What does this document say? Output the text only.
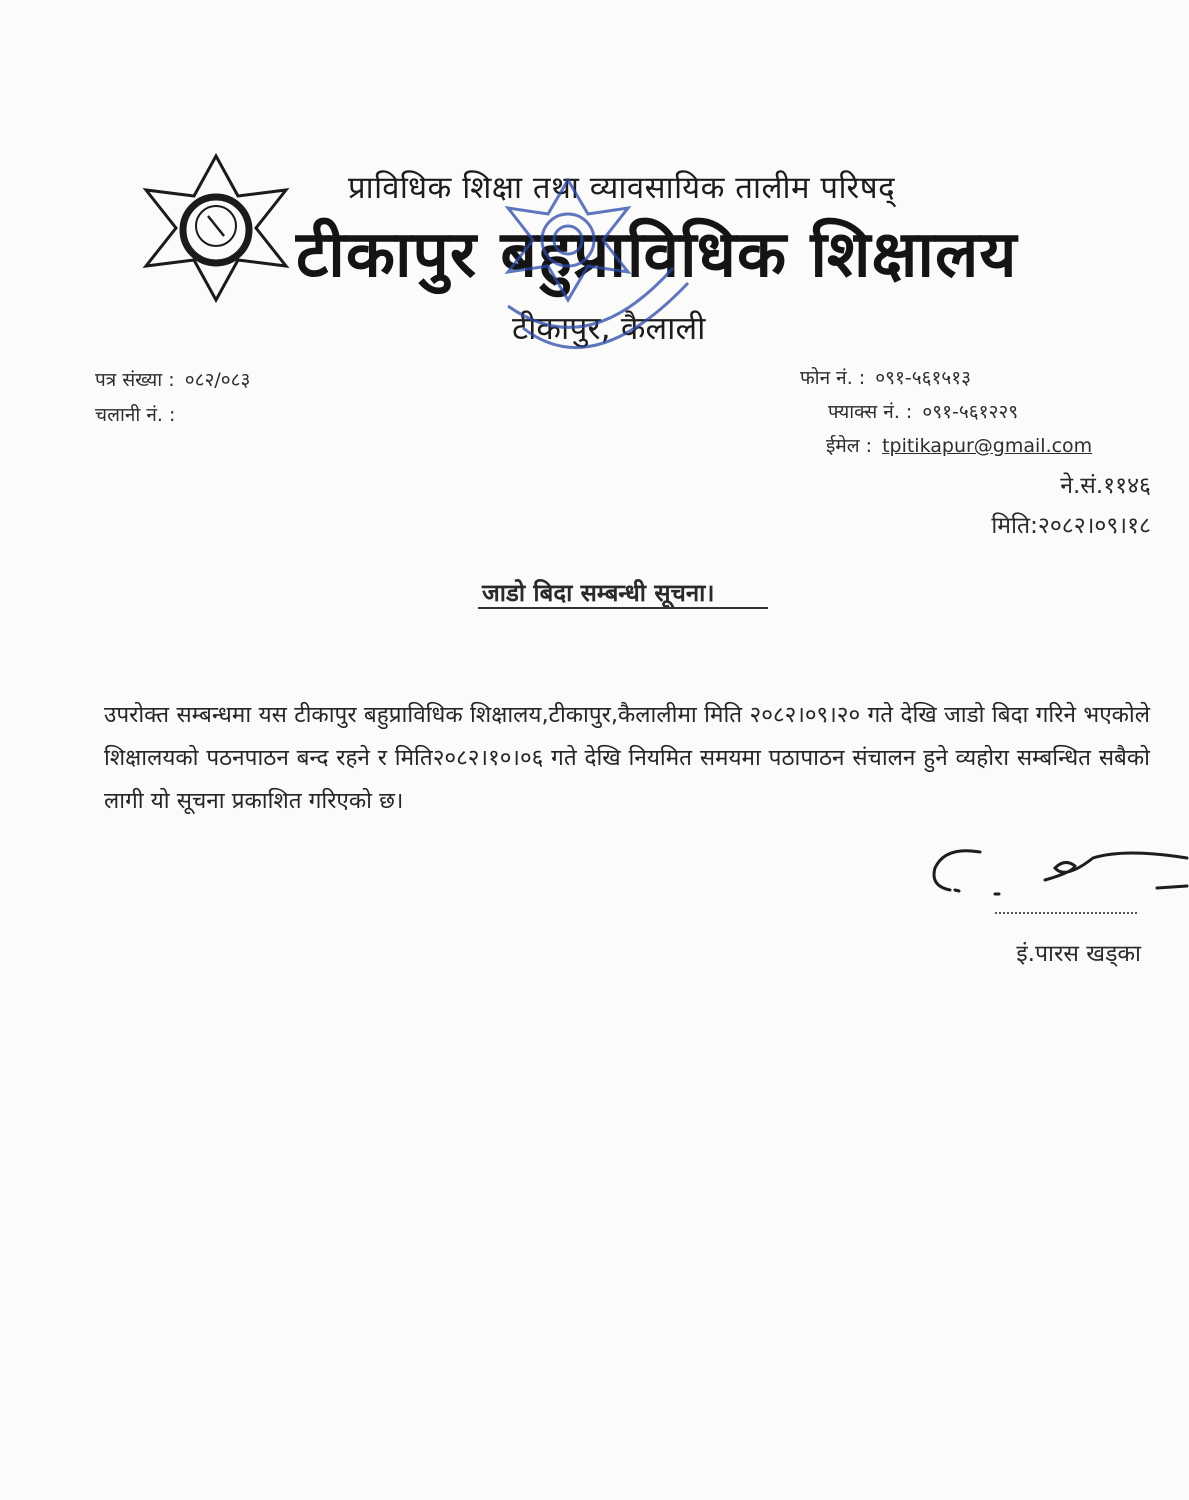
प्राविधिक शिक्षा तथा व्यावसायिक तालीम परिषद्
टीकापुर बहुप्राविधिक शिक्षालय
टीकापुर, कैलाली
पत्र संख्या : ०८२/०८३
चलानी नं. :
फोन नं. : ०९१-५६१५१३
फ्याक्स नं. : ०९१-५६१२२९
ईमेल : tpitikapur@gmail.com
ने.सं.११४६
मिति:२०८२।०९।१८
जाडो बिदा सम्बन्धी सूचना।
उपरोक्त सम्बन्धमा यस टीकापुर बहुप्राविधिक शिक्षालय,टीकापुर,कैलालीमा मिति २०८२।०९।२० गते देखि जाडो बिदा गरिने भएकोले शिक्षालयको पठनपाठन बन्द रहने र मिति२०८२।१०।०६ गते देखि नियमित समयमा पठापाठन संचालन हुने व्यहोरा सम्बन्धित सबैको लागी यो सूचना प्रकाशित गरिएको छ।
इं.पारस खड्का
